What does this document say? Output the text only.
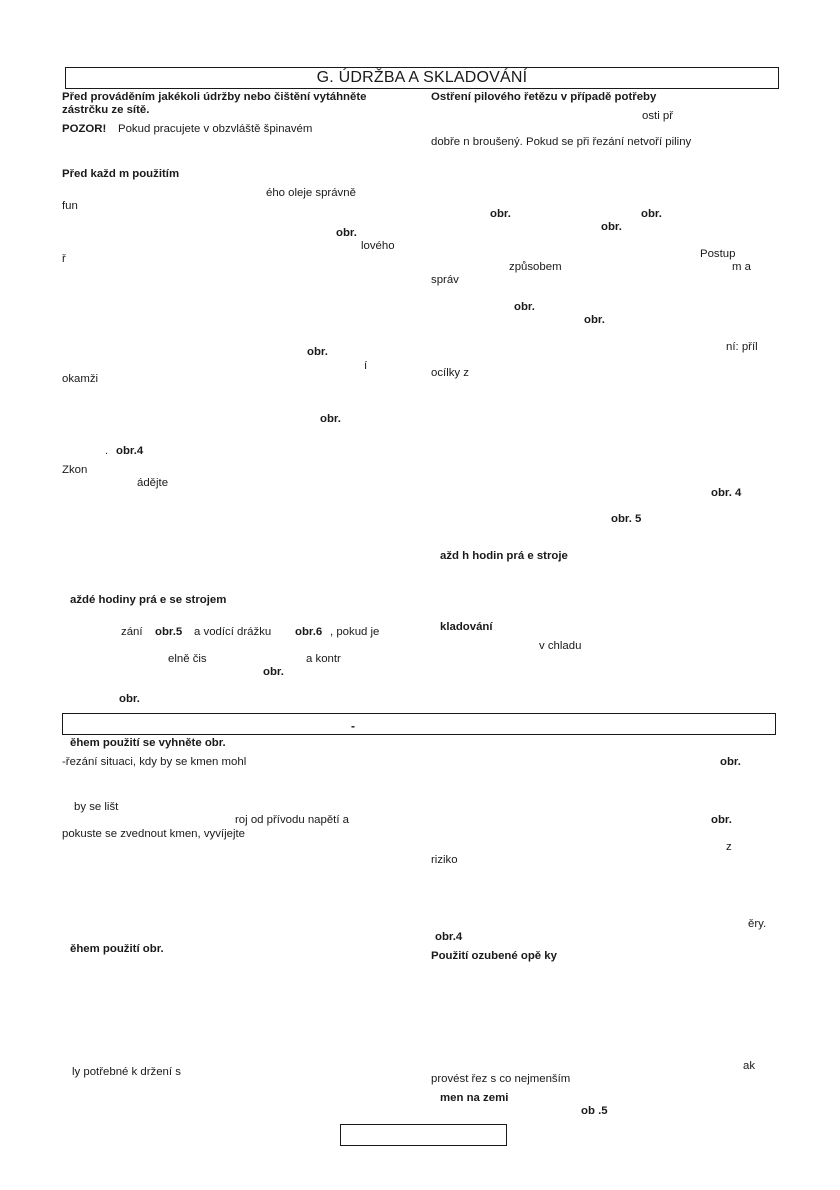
G. ÚDRŽBA A SKLADOVÁNÍ
Před prováděním jakékoli údržby nebo čištění vytáhněte
zástrčku ze sítě.
POZOR! Pokud pracujete v obzvláště špinavém
Před každ m použitím
ého oleje správně
fun
obr.
lového
ř
obr.
í
okamži
obr.
. obr.4
Zkon
ádějte
aždé hodiny prá e se strojem
zání obr.5 a vodící drážku obr.6 , pokud je
elně čis	a kontr
obr.
obr.
Ostření pilového řetězu v případě potřeby
osti př
dobře n broušený. Pokud se při řezání netvoří piliny
obr.	obr.
obr.
Postup
způsobem	m a
správ
obr.
obr.
ní: příl
ocílky z
obr. 4
obr. 5
ažd h hodin prá e stroje
kladování
v chladu
-
ěhem použití se vyhněte obr.
-řezání situaci, kdy by se kmen mohl
by se lišt
roj od přívodu napětí a
pokuste se zvednout kmen, vyvíjejte
ěhem použití obr.
ly potřebné k držení s
obr.
obr.
z
riziko
ěry.
obr.4
Použití ozubené opě ky
ak
provést řez s co nejmenším
men na zemi
ob .5
